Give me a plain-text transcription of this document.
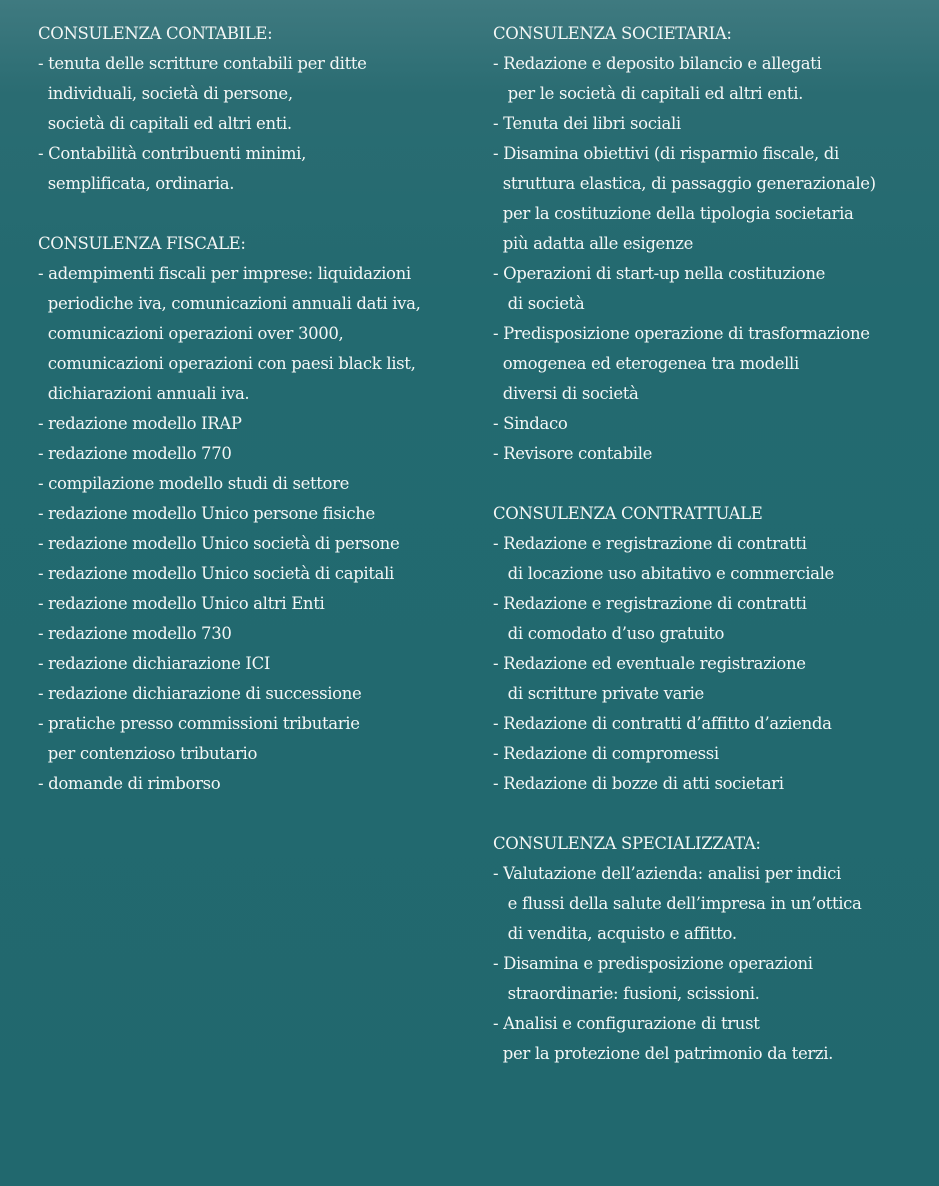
CONSULENZA CONTABILE:
- tenuta delle scritture contabili per ditte
individuali, società di persone,
società di capitali ed altri enti.
- Contabilità contribuenti minimi,
semplificata, ordinaria.
CONSULENZA FISCALE:
- adempimenti fiscali per imprese: liquidazioni
periodiche iva, comunicazioni annuali dati iva,
comunicazioni operazioni over 3000,
comunicazioni operazioni con paesi black list,
dichiarazioni annuali iva.
- redazione modello IRAP
- redazione modello 770
- compilazione modello studi di settore
- redazione modello Unico persone fisiche
- redazione modello Unico società di persone
- redazione modello Unico società di capitali
- redazione modello Unico altri Enti
- redazione modello 730
- redazione dichiarazione ICI
- redazione dichiarazione di successione
- pratiche presso commissioni tributarie
per contenzioso tributario
- domande di rimborso
CONSULENZA SOCIETARIA:
- Redazione e deposito bilancio e allegati
per le società di capitali ed altri enti.
- Tenuta dei libri sociali
- Disamina obiettivi (di risparmio fiscale, di
struttura elastica, di passaggio generazionale)
per la costituzione della tipologia societaria
più adatta alle esigenze
- Operazioni di start-up nella costituzione
di società
- Predisposizione operazione di trasformazione
omogenea ed eterogenea tra modelli
diversi di società
- Sindaco
- Revisore contabile
CONSULENZA CONTRATTUALE
- Redazione e registrazione di contratti
di locazione uso abitativo e commerciale
- Redazione e registrazione di contratti
di comodato d’uso gratuito
- Redazione ed eventuale registrazione
di scritture private varie
- Redazione di contratti d’affitto d’azienda
- Redazione di compromessi
- Redazione di bozze di atti societari
CONSULENZA SPECIALIZZATA:
- Valutazione dell’azienda: analisi per indici
e flussi della salute dell’impresa in un’ottica
di vendita, acquisto e affitto.
- Disamina e predisposizione operazioni
straordinarie: fusioni, scissioni.
- Analisi e configurazione di trust
per la protezione del patrimonio da terzi.
